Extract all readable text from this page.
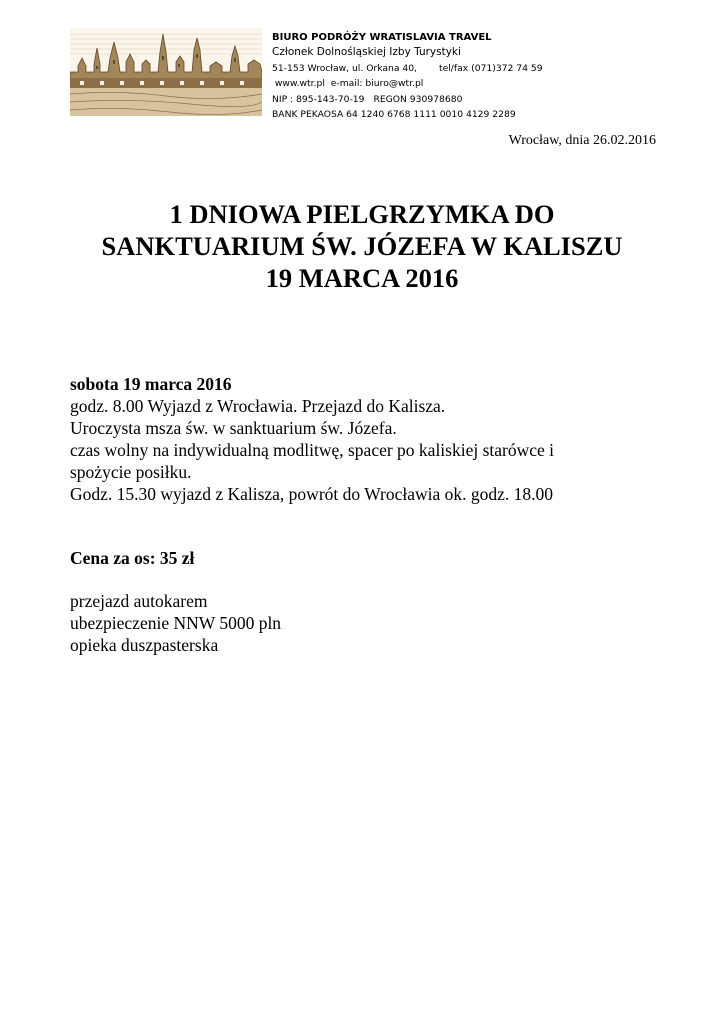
BIURO PODRÓŻY WRATISLAVIA TRAVEL
Członek Dolnośląskiej Izby Turystyki
51-153 Wrocław, ul. Orkana 40, tel/fax (071)372 74 59
www.wtr.pl e-mail: biuro@wtr.pl
NIP : 895-143-70-19 REGON 930978680
BANK PEKAOSA 64 1240 6768 1111 0010 4129 2289
Wrocław, dnia 26.02.2016
1 DNIOWA PIELGRZYMKA DO
SANKTUARIUM ŚW. JÓZEFA W KALISZU
19 MARCA 2016
sobota 19 marca 2016
godz. 8.00 Wyjazd z Wrocławia. Przejazd do Kalisza.
Uroczysta msza św. w sanktuarium św. Józefa.
czas wolny na indywidualną modlitwę, spacer po kaliskiej starówce i
spożycie posiłku.
Godz. 15.30 wyjazd z Kalisza, powrót do Wrocławia ok. godz. 18.00
Cena za os: 35 zł
przejazd autokarem
ubezpieczenie NNW 5000 pln
opieka duszpasterska
